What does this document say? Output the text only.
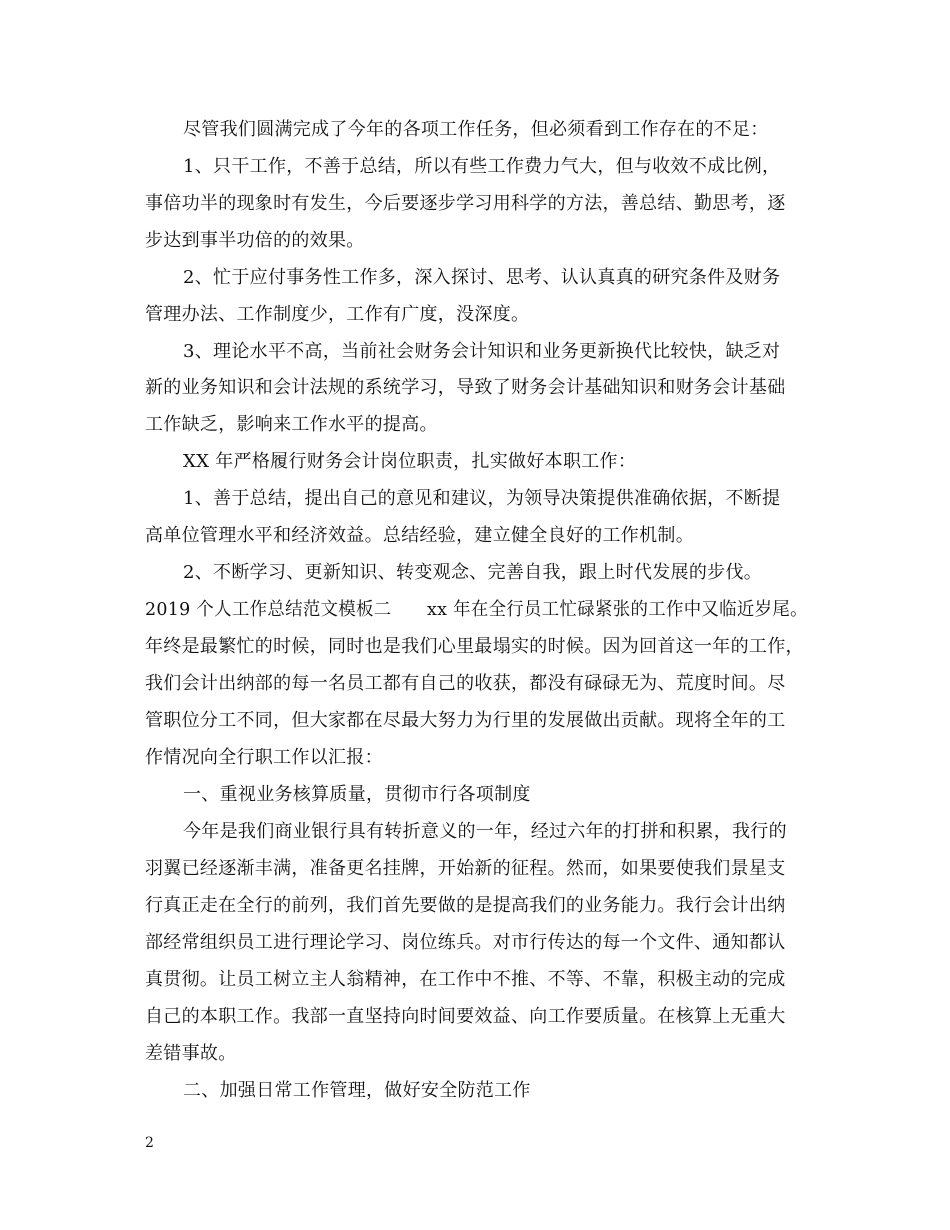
尽管我们圆满完成了今年的各项工作任务，但必须看到工作存在的不足：
1、只干工作，不善于总结，所以有些工作费力气大，但与收效不成比例，
事倍功半的现象时有发生，今后要逐步学习用科学的方法，善总结、勤思考，逐
步达到事半功倍的的效果。
2、忙于应付事务性工作多，深入探讨、思考、认认真真的研究条件及财务
管理办法、工作制度少，工作有广度，没深度。
3、理论水平不高，当前社会财务会计知识和业务更新换代比较快，缺乏对
新的业务知识和会计法规的系统学习，导致了财务会计基础知识和财务会计基础
工作缺乏，影响来工作水平的提高。
XX 年严格履行财务会计岗位职责，扎实做好本职工作：
1、善于总结，提出自己的意见和建议，为领导决策提供准确依据，不断提
高单位管理水平和经济效益。总结经验，建立健全良好的工作机制。
2、不断学习、更新知识、转变观念、完善自我，跟上时代发展的步伐。
2019 个人工作总结范文模板二　　xx 年在全行员工忙碌紧张的工作中又临近岁尾。
年终是最繁忙的时候，同时也是我们心里最塌实的时候。因为回首这一年的工作，
我们会计出纳部的每一名员工都有自己的收获，都没有碌碌无为、荒度时间。尽
管职位分工不同，但大家都在尽最大努力为行里的发展做出贡献。现将全年的工
作情况向全行职工作以汇报：
一、重视业务核算质量，贯彻市行各项制度
今年是我们商业银行具有转折意义的一年，经过六年的打拼和积累，我行的
羽翼已经逐渐丰满，准备更名挂牌，开始新的征程。然而，如果要使我们景星支
行真正走在全行的前列，我们首先要做的是提高我们的业务能力。我行会计出纳
部经常组织员工进行理论学习、岗位练兵。对市行传达的每一个文件、通知都认
真贯彻。让员工树立主人翁精神，在工作中不推、不等、不靠，积极主动的完成
自己的本职工作。我部一直坚持向时间要效益、向工作要质量。在核算上无重大
差错事故。
二、加强日常工作管理，做好安全防范工作
2
